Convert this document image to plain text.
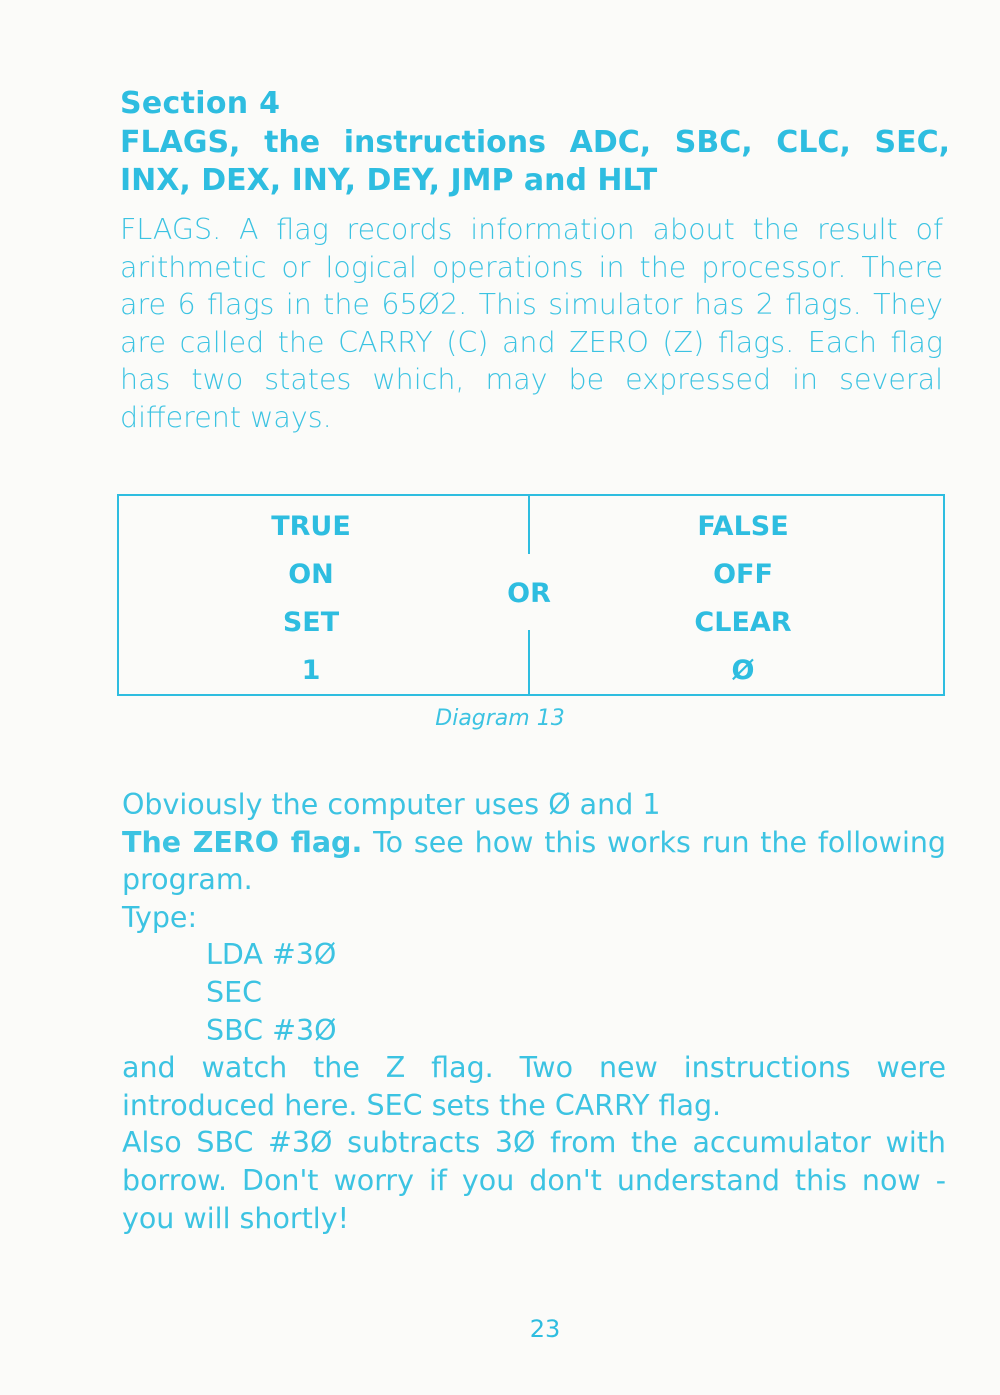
Section 4
FLAGS, the instructions ADC, SBC, CLC, SEC, INX, DEX, INY, DEY, JMP and HLT
FLAGS. A flag records information about the result of arithmetic or logical operations in the processor. There are 6 flags in the 65Ø2. This simulator has 2 flags. They are called the CARRY (C) and ZERO (Z) flags. Each flag has two states which, may be expressed in several different ways.
OR
TRUE
ON
SET
1
FALSE
OFF
CLEAR
Ø
Diagram 13
Obviously the computer uses Ø and 1
The ZERO flag. To see how this works run the following program.
Type:
LDA #3Ø
SEC
SBC #3Ø
and watch the Z flag. Two new instructions were introduced here. SEC sets the CARRY flag.
Also SBC #3Ø subtracts 3Ø from the accumulator with borrow. Don't worry if you don't understand this now - you will shortly!
23
